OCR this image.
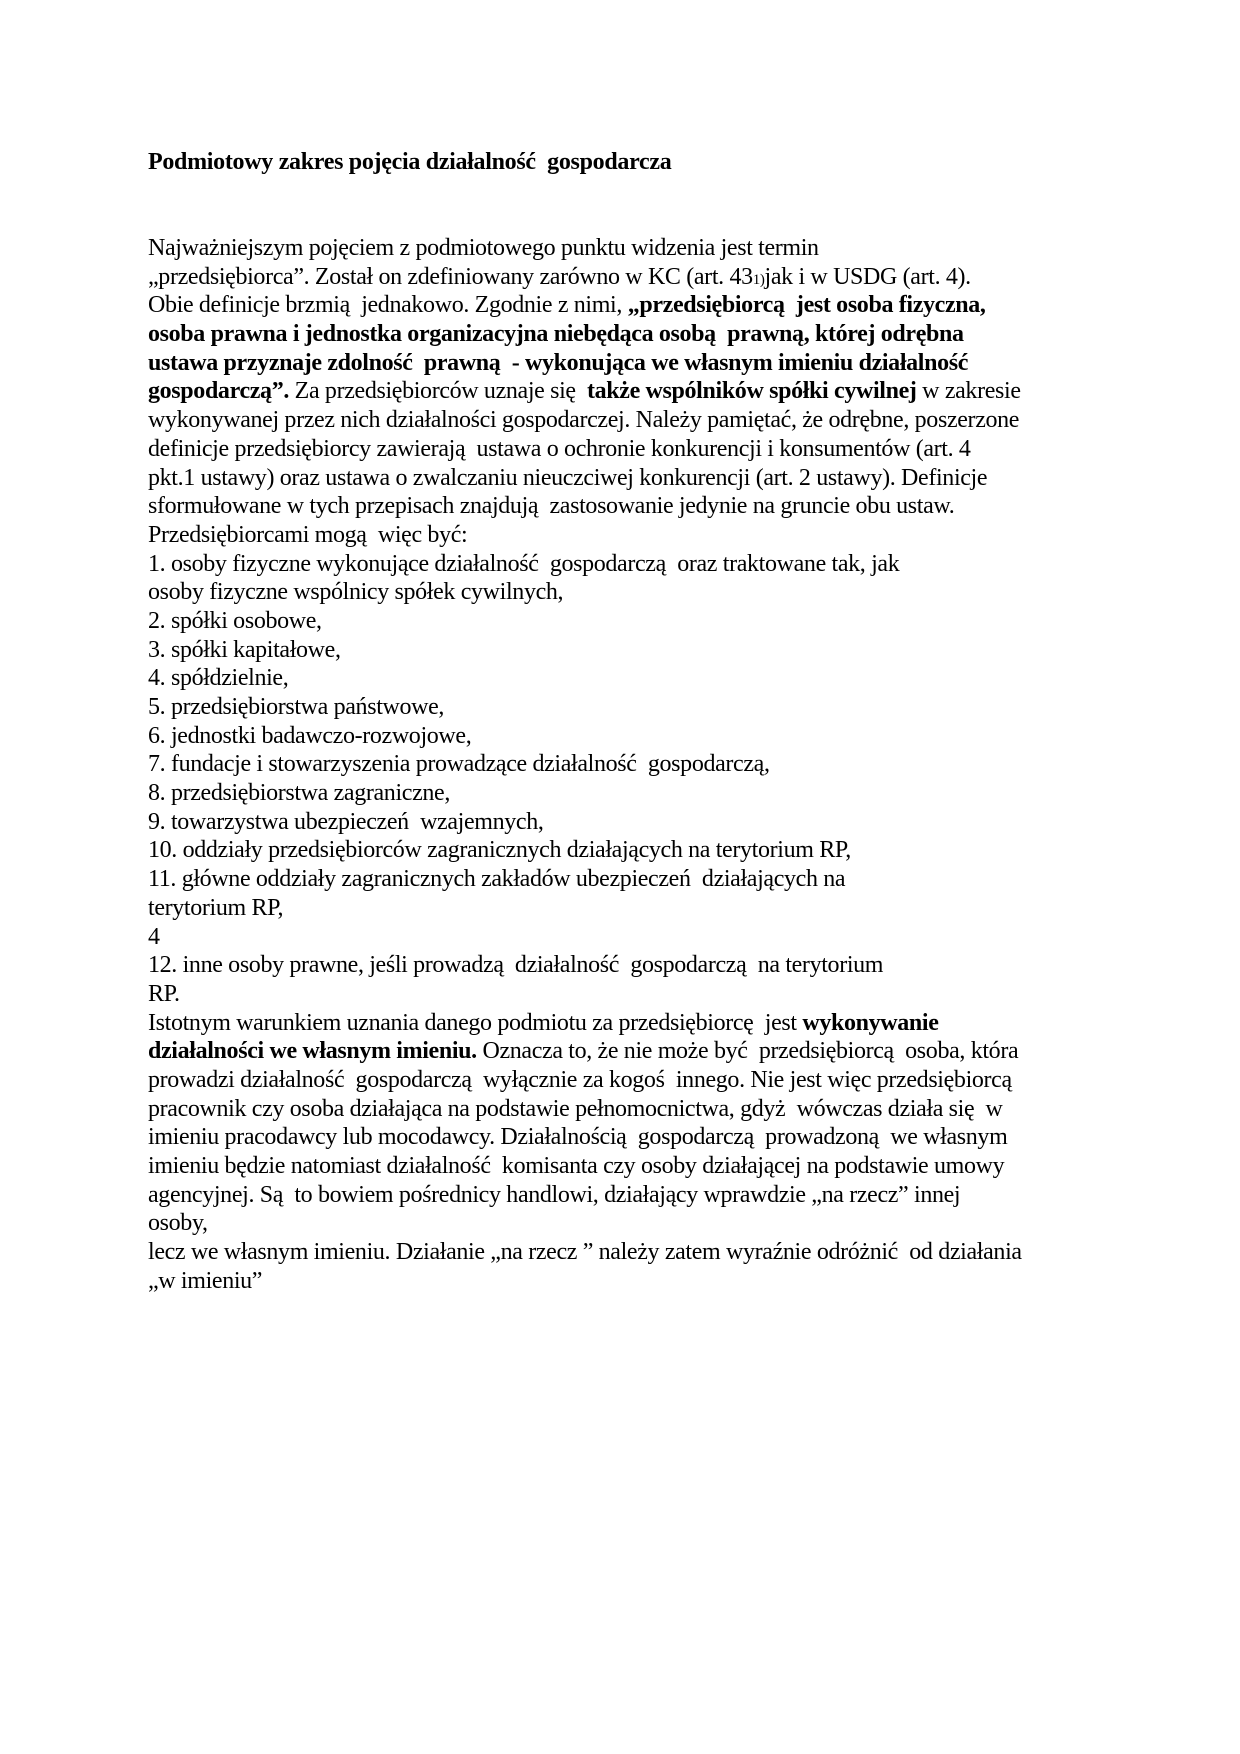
Podmiotowy zakres pojęcia działalność  gospodarcza
Najważniejszym pojęciem z podmiotowego punktu widzenia jest termin
„przedsiębiorca”. Został on zdefiniowany zarówno w KC (art. 431)jak i w USDG (art. 4).
Obie definicje brzmią  jednakowo. Zgodnie z nimi, „przedsiębiorcą  jest osoba fizyczna,
osoba prawna i jednostka organizacyjna niebędąca osobą  prawną, której odrębna
ustawa przyznaje zdolność  prawną  - wykonująca we własnym imieniu działalność
gospodarczą”. Za przedsiębiorców uznaje się  także wspólników spółki cywilnej w zakresie
wykonywanej przez nich działalności gospodarczej. Należy pamiętać, że odrębne, poszerzone
definicje przedsiębiorcy zawierają  ustawa o ochronie konkurencji i konsumentów (art. 4
pkt.1 ustawy) oraz ustawa o zwalczaniu nieuczciwej konkurencji (art. 2 ustawy). Definicje
sformułowane w tych przepisach znajdują  zastosowanie jedynie na gruncie obu ustaw.
Przedsiębiorcami mogą  więc być:
1. osoby fizyczne wykonujące działalność  gospodarczą  oraz traktowane tak, jak
osoby fizyczne wspólnicy spółek cywilnych,
2. spółki osobowe,
3. spółki kapitałowe,
4. spółdzielnie,
5. przedsiębiorstwa państwowe,
6. jednostki badawczo-rozwojowe,
7. fundacje i stowarzyszenia prowadzące działalność  gospodarczą,
8. przedsiębiorstwa zagraniczne,
9. towarzystwa ubezpieczeń  wzajemnych,
10. oddziały przedsiębiorców zagranicznych działających na terytorium RP,
11. główne oddziały zagranicznych zakładów ubezpieczeń  działających na
terytorium RP,
4
12. inne osoby prawne, jeśli prowadzą  działalność  gospodarczą  na terytorium
RP.
Istotnym warunkiem uznania danego podmiotu za przedsiębiorcę  jest wykonywanie
działalności we własnym imieniu. Oznacza to, że nie może być  przedsiębiorcą  osoba, która
prowadzi działalność  gospodarczą  wyłącznie za kogoś  innego. Nie jest więc przedsiębiorcą
pracownik czy osoba działająca na podstawie pełnomocnictwa, gdyż  wówczas działa się  w
imieniu pracodawcy lub mocodawcy. Działalnością  gospodarczą  prowadzoną  we własnym
imieniu będzie natomiast działalność  komisanta czy osoby działającej na podstawie umowy
agencyjnej. Są  to bowiem pośrednicy handlowi, działający wprawdzie „na rzecz” innej
osoby,
lecz we własnym imieniu. Działanie „na rzecz ” należy zatem wyraźnie odróżnić  od działania
„w imieniu”
